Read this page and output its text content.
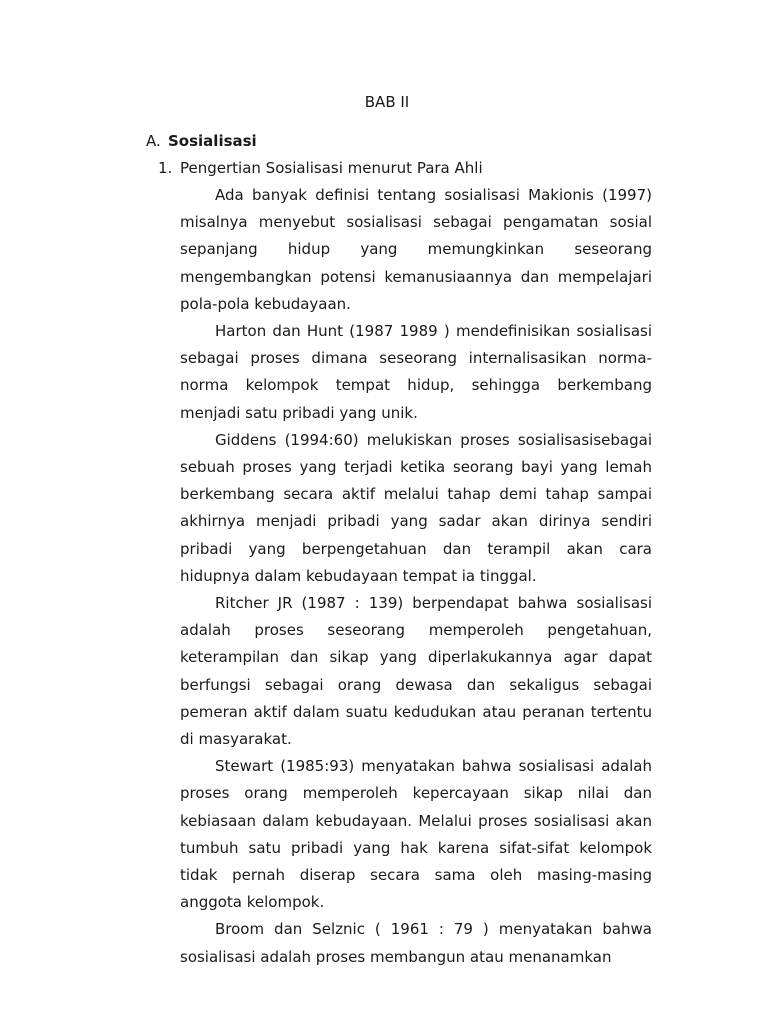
BAB II
A. Sosialisasi
1. Pengertian Sosialisasi menurut Para Ahli

Ada banyak definisi tentang sosialisasi Makionis (1997) misalnya menyebut sosialisasi sebagai pengamatan sosial sepanjang hidup yang memungkinkan seseorang mengembangkan potensi kemanusiaannya dan mempelajari pola-pola kebudayaan.

Harton dan Hunt (1987 1989 ) mendefinisikan sosialisasi sebagai proses dimana seseorang internalisasikan norma-norma kelompok tempat hidup, sehingga berkembang menjadi satu pribadi yang unik.

Giddens (1994:60) melukiskan proses sosialisasisebagai sebuah proses yang terjadi ketika seorang bayi yang lemah berkembang secara aktif melalui tahap demi tahap sampai akhirnya menjadi pribadi yang sadar akan dirinya sendiri pribadi yang berpengetahuan dan terampil akan cara hidupnya dalam kebudayaan tempat ia tinggal.

Ritcher JR (1987 : 139) berpendapat bahwa sosialisasi adalah proses seseorang memperoleh pengetahuan, keterampilan dan sikap yang diperlakukannya agar dapat berfungsi sebagai orang dewasa dan sekaligus sebagai pemeran aktif dalam suatu kedudukan atau peranan tertentu di masyarakat.

Stewart (1985:93) menyatakan bahwa sosialisasi adalah proses orang memperoleh kepercayaan sikap nilai dan kebiasaan dalam kebudayaan. Melalui proses sosialisasi akan tumbuh satu pribadi yang hak karena sifat-sifat kelompok tidak pernah diserap secara sama oleh masing-masing anggota kelompok.

Broom dan Selznic ( 1961 : 79 ) menyatakan bahwa sosialisasi adalah proses membangun atau menanamkan
